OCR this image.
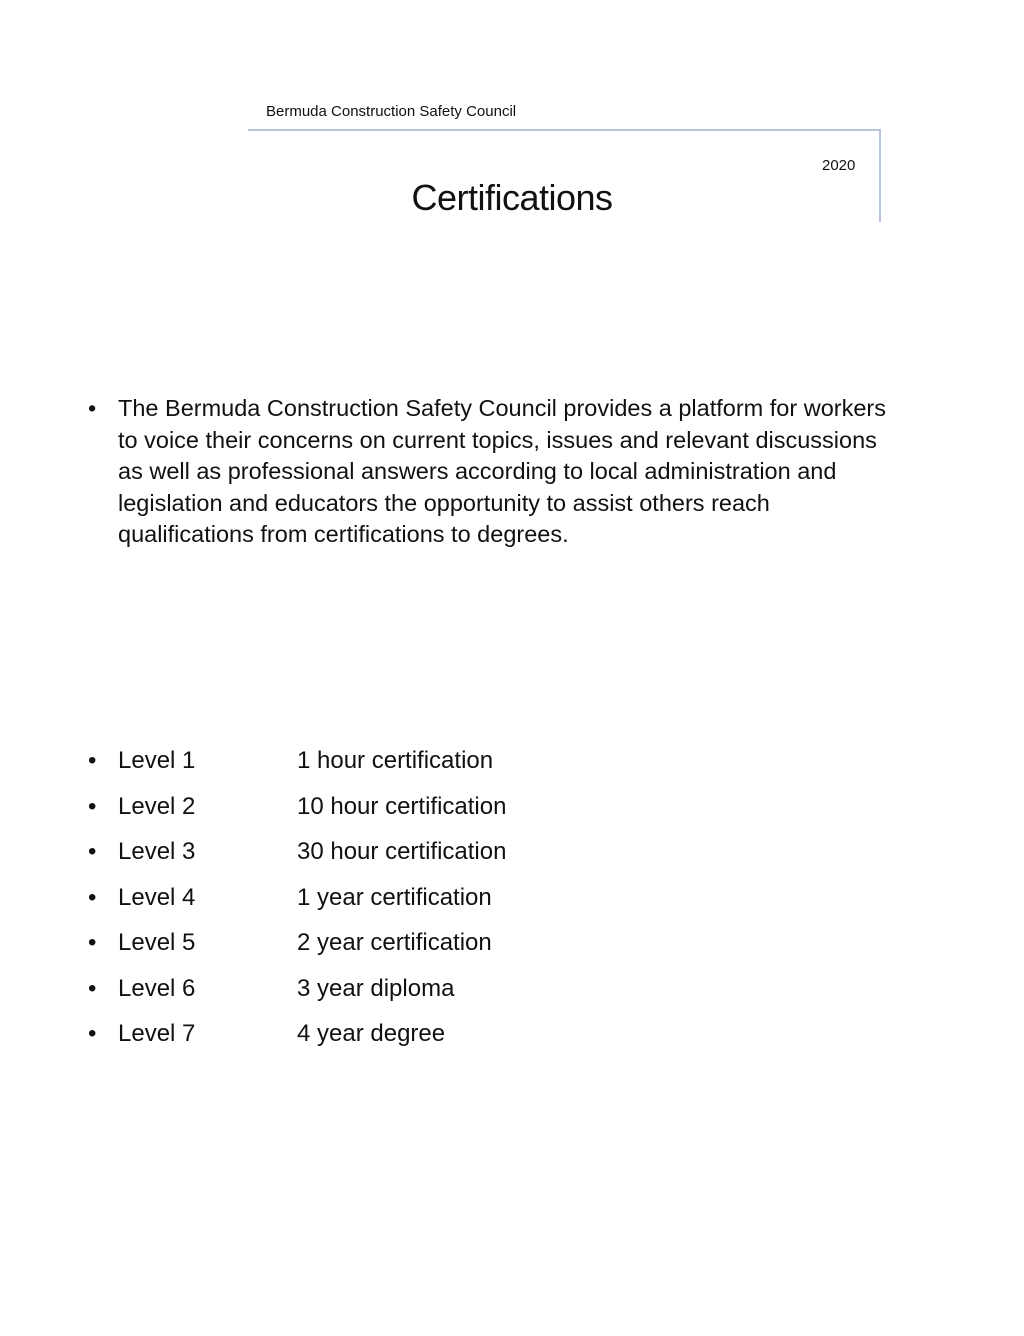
Bermuda Construction Safety Council
2020
Certifications
• The Bermuda Construction Safety Council provides a platform for workers to voice their concerns on current topics, issues and relevant discussions as well as professional answers according to local administration and legislation and educators the opportunity to assist others reach qualifications from certifications to degrees.
• Level 1	1 hour certification
• Level 2	10 hour certification
• Level 3	30 hour certification
• Level 4	1 year certification
• Level 5	2 year certification
• Level 6	3 year diploma
• Level 7	4 year degree
